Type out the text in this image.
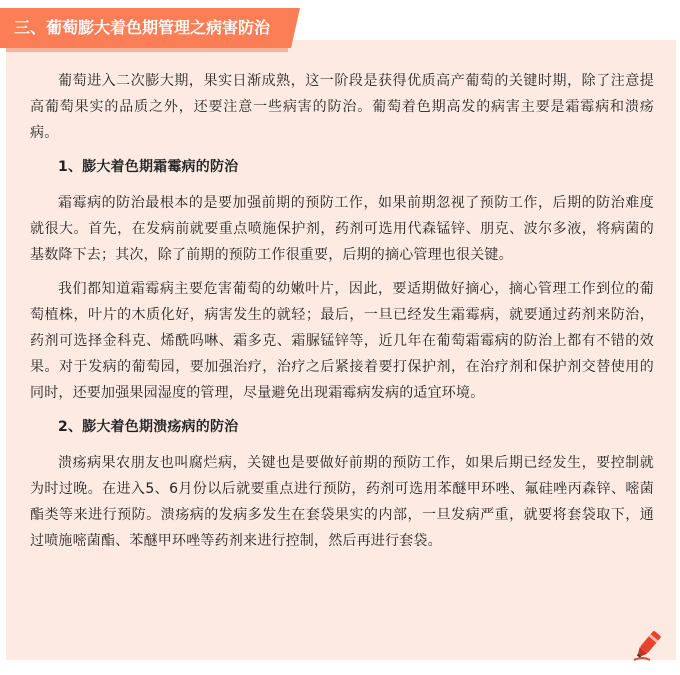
三、葡萄膨大着色期管理之病害防治

葡萄进入二次膨大期，果实日渐成熟，这一阶段是获得优质高产葡萄的关键时期，除了注意提高葡萄果实的品质之外，还要注意一些病害的防治。葡萄着色期高发的病害主要是霜霉病和溃疡病。

1、膨大着色期霜霉病的防治

霜霉病的防治最根本的是要加强前期的预防工作，如果前期忽视了预防工作，后期的防治难度就很大。首先，在发病前就要重点喷施保护剂，药剂可选用代森锰锌、朋克、波尔多液，将病菌的基数降下去；其次，除了前期的预防工作很重要，后期的摘心管理也很关键。

我们都知道霜霉病主要危害葡萄的幼嫩叶片，因此，要适期做好摘心，摘心管理工作到位的葡萄植株，叶片的木质化好，病害发生的就轻；最后，一旦已经发生霜霉病，就要通过药剂来防治，药剂可选择金科克、烯酰吗啉、霜多克、霜脲锰锌等，近几年在葡萄霜霉病的防治上都有不错的效果。对于发病的葡萄园，要加强治疗，治疗之后紧接着要打保护剂，在治疗剂和保护剂交替使用的同时，还要加强果园湿度的管理，尽量避免出现霜霉病发病的适宜环境。

2、膨大着色期溃疡病的防治

溃疡病果农朋友也叫腐烂病，关键也是要做好前期的预防工作，如果后期已经发生，要控制就为时过晚。在进入5、6月份以后就要重点进行预防，药剂可选用苯醚甲环唑、氟硅唑丙森锌、嘧菌酯类等来进行预防。溃疡病的发病多发生在套袋果实的内部，一旦发病严重，就要将套袋取下，通过喷施嘧菌酯、苯醚甲环唑等药剂来进行控制，然后再进行套袋。
